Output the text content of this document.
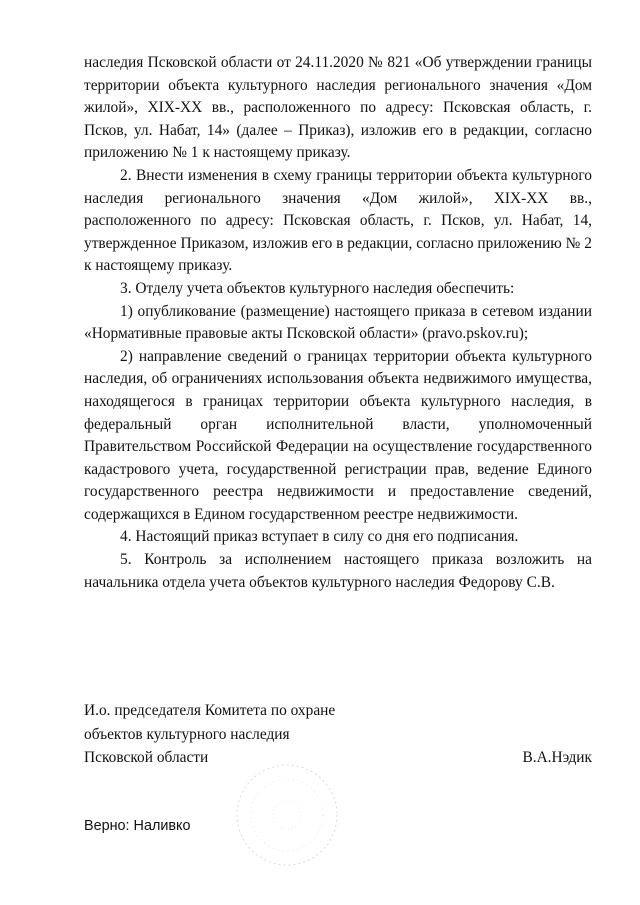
наследия Псковской области от 24.11.2020 № 821 «Об утверждении границы территории объекта культурного наследия регионального значения «Дом жилой», XIX-XX вв., расположенного по адресу: Псковская область, г. Псков, ул. Набат, 14» (далее – Приказ), изложив его в редакции, согласно приложению № 1 к настоящему приказу.

2. Внести изменения в схему границы территории объекта культурного наследия регионального значения «Дом жилой», XIX-XX вв., расположенного по адресу: Псковская область, г. Псков, ул. Набат, 14, утвержденное Приказом, изложив его в редакции, согласно приложению № 2 к настоящему приказу.

3. Отделу учета объектов культурного наследия обеспечить:

1) опубликование (размещение) настоящего приказа в сетевом издании «Нормативные правовые акты Псковской области» (pravo.pskov.ru);

2) направление сведений о границах территории объекта культурного наследия, об ограничениях использования объекта недвижимого имущества, находящегося в границах территории объекта культурного наследия, в федеральный орган исполнительной власти, уполномоченный Правительством Российской Федерации на осуществление государственного кадастрового учета, государственной регистрации прав, ведение Единого государственного реестра недвижимости и предоставление сведений, содержащихся в Едином государственном реестре недвижимости.

4. Настоящий приказ вступает в силу со дня его подписания.

5. Контроль за исполнением настоящего приказа возложить на начальника отдела учета объектов культурного наследия Федорову С.В.

И.о. председателя Комитета по охране
объектов культурного наследия
Псковской области	В.А.Нэдик
Верно: Наливко
